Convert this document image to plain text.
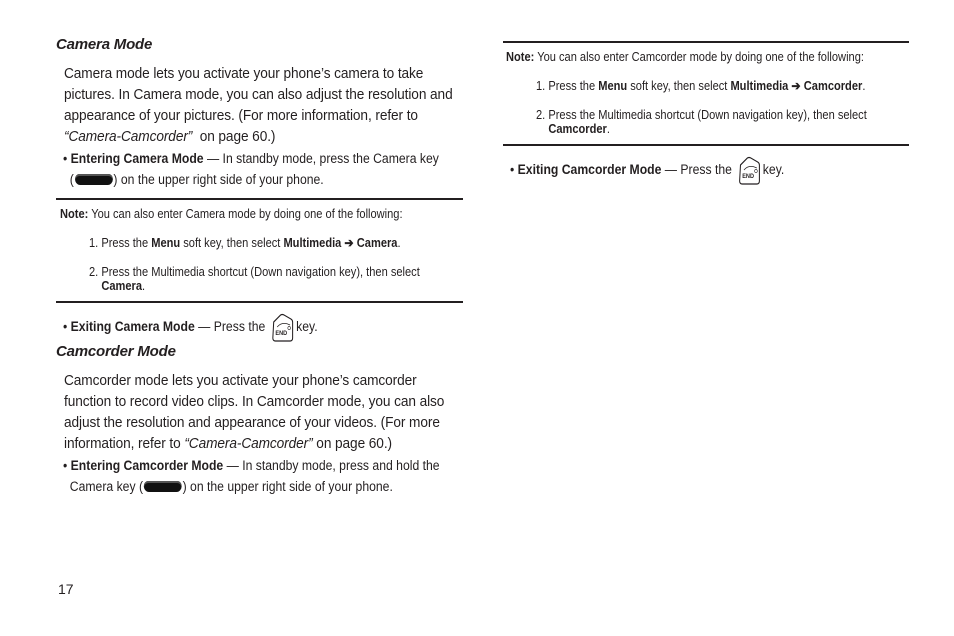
Camera Mode
Camera mode lets you activate your phone’s camera to take
pictures. In Camera mode, you can also adjust the resolution and
appearance of your pictures. (For more information, refer to
“Camera-Camcorder” on page 60.)
• Entering Camera Mode — In standby mode, press the Camera key
(	) on the upper right side of your phone.
Note: You can also enter Camera mode by doing one of the following:
1. Press the Menu soft key, then select Multimedia ➔ Camera.
2. Press the Multimedia shortcut (Down navigation key), then select
Camera.
• Exiting Camera Mode — Press the END key.
Camcorder Mode
Camcorder mode lets you activate your phone’s camcorder
function to record video clips. In Camcorder mode, you can also
adjust the resolution and appearance of your videos. (For more
information, refer to “Camera-Camcorder” on page 60.)
• Entering Camcorder Mode — In standby mode, press and hold the
Camera key (	) on the upper right side of your phone.
Note: You can also enter Camcorder mode by doing one of the following:
1. Press the Menu soft key, then select Multimedia ➔ Camcorder.
2. Press the Multimedia shortcut (Down navigation key), then select
Camcorder.
• Exiting Camcorder Mode — Press the END key.
17
